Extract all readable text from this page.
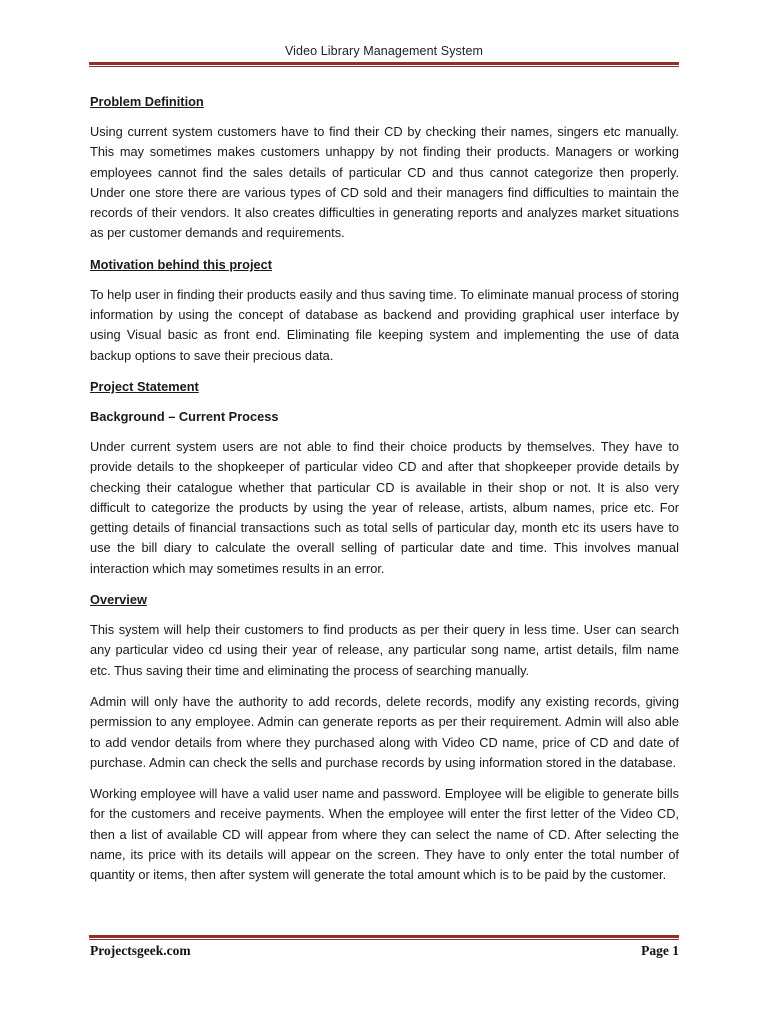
Video Library Management System
Problem Definition

Using current system customers have to find their CD by checking their names, singers etc manually. This may sometimes makes customers unhappy by not finding their products. Managers or working employees cannot find the sales details of particular CD and thus cannot categorize then properly. Under one store there are various types of CD sold and their managers find difficulties to maintain the records of their vendors. It also creates difficulties in generating reports and analyzes market situations as per customer demands and requirements.

Motivation behind this project

To help user in finding their products easily and thus saving time. To eliminate manual process of storing information by using the concept of database as backend and providing graphical user interface by using Visual basic as front end. Eliminating file keeping system and implementing the use of data backup options to save their precious data.

Project Statement
Background – Current Process

Under current system users are not able to find their choice products by themselves. They have to provide details to the shopkeeper of particular video CD and after that shopkeeper provide details by checking their catalogue whether that particular CD is available in their shop or not. It is also very difficult to categorize the products by using the year of release, artists, album names, price etc. For getting details of financial transactions such as total sells of particular day, month etc its users have to use the bill diary to calculate the overall selling of particular date and time. This involves manual interaction which may sometimes results in an error.

Overview

This system will help their customers to find products as per their query in less time. User can search any particular video cd using their year of release, any particular song name, artist details, film name etc. Thus saving their time and eliminating the process of searching manually.

Admin will only have the authority to add records, delete records, modify any existing records, giving permission to any employee. Admin can generate reports as per their requirement. Admin will also able to add vendor details from where they purchased along with Video CD name, price of CD and date of purchase. Admin can check the sells and purchase records by using information stored in the database.

Working employee will have a valid user name and password. Employee will be eligible to generate bills for the customers and receive payments. When the employee will enter the first letter of the Video CD, then a list of available CD will appear from where they can select the name of CD. After selecting the name, its price with its details will appear on the screen. They have to only enter the total number of quantity or items, then after system will generate the total amount which is to be paid by the customer.

Projectsgeek.com	Page 1
